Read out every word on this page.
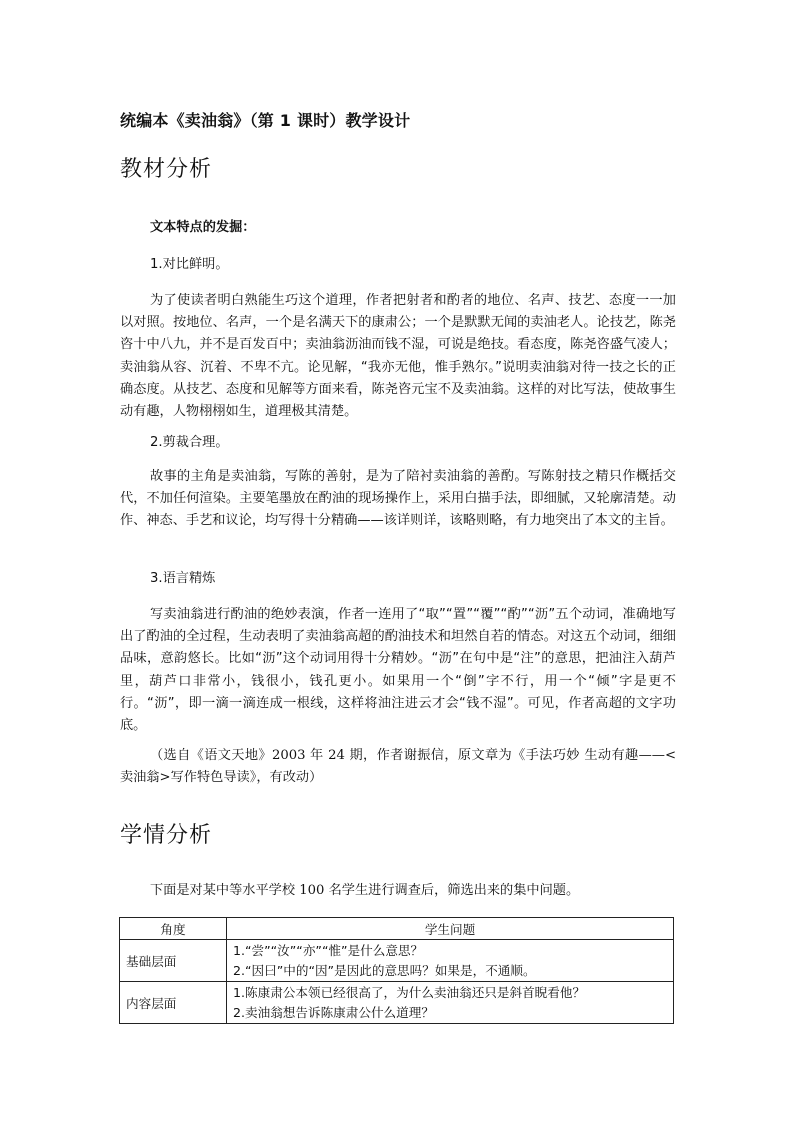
统编本《卖油翁》（第 1 课时）教学设计
教材分析

文本特点的发掘：

1.对比鲜明。

为了使读者明白熟能生巧这个道理，作者把射者和酌者的地位、名声、技艺、态度一一加以对照。按地位、名声，一个是名满天下的康肃公；一个是默默无闻的卖油老人。论技艺，陈尧咨十中八九，并不是百发百中；卖油翁沥油而钱不湿，可说是绝技。看态度，陈尧咨盛气凌人；卖油翁从容、沉着、不卑不亢。论见解，“我亦无他，惟手熟尔。”说明卖油翁对待一技之长的正确态度。从技艺、态度和见解等方面来看，陈尧咨元宝不及卖油翁。这样的对比写法，使故事生动有趣，人物栩栩如生，道理极其清楚。

2.剪裁合理。

故事的主角是卖油翁，写陈的善射，是为了陪衬卖油翁的善酌。写陈射技之精只作概括交代，不加任何渲染。主要笔墨放在酌油的现场操作上，采用白描手法，即细腻，又轮廓清楚。动作、神态、手艺和议论，均写得十分精确——该详则详，该略则略，有力地突出了本文的主旨。

3.语言精炼

写卖油翁进行酌油的绝妙表演，作者一连用了“取”“置”“覆”“酌”“沥”五个动词，准确地写出了酌油的全过程，生动表明了卖油翁高超的酌油技术和坦然自若的情态。对这五个动词，细细品味，意韵悠长。比如“沥”这个动词用得十分精妙。“沥”在句中是“注”的意思，把油注入葫芦里，葫芦口非常小，钱很小，钱孔更小。如果用一个“倒”字不行，用一个“倾”字是更不行。“沥”，即一滴一滴连成一根线，这样将油注进云才会“钱不湿”。可见，作者高超的文字功底。

（选自《语文天地》2003 年 24 期，作者谢振信，原文章为《手法巧妙 生动有趣——<卖油翁>写作特色导读》，有改动）

学情分析

下面是对某中等水平学校 100 名学生进行调查后，筛选出来的集中问题。

角度	学生问题
基础层面	1.“尝”“汝”“亦”“惟”是什么意思？
2.“因曰”中的“因”是因此的意思吗？如果是，不通顺。

内容层面	1.陈康肃公本领已经很高了，为什么卖油翁还只是斜首睨看他？
2.卖油翁想告诉陈康肃公什么道理？
